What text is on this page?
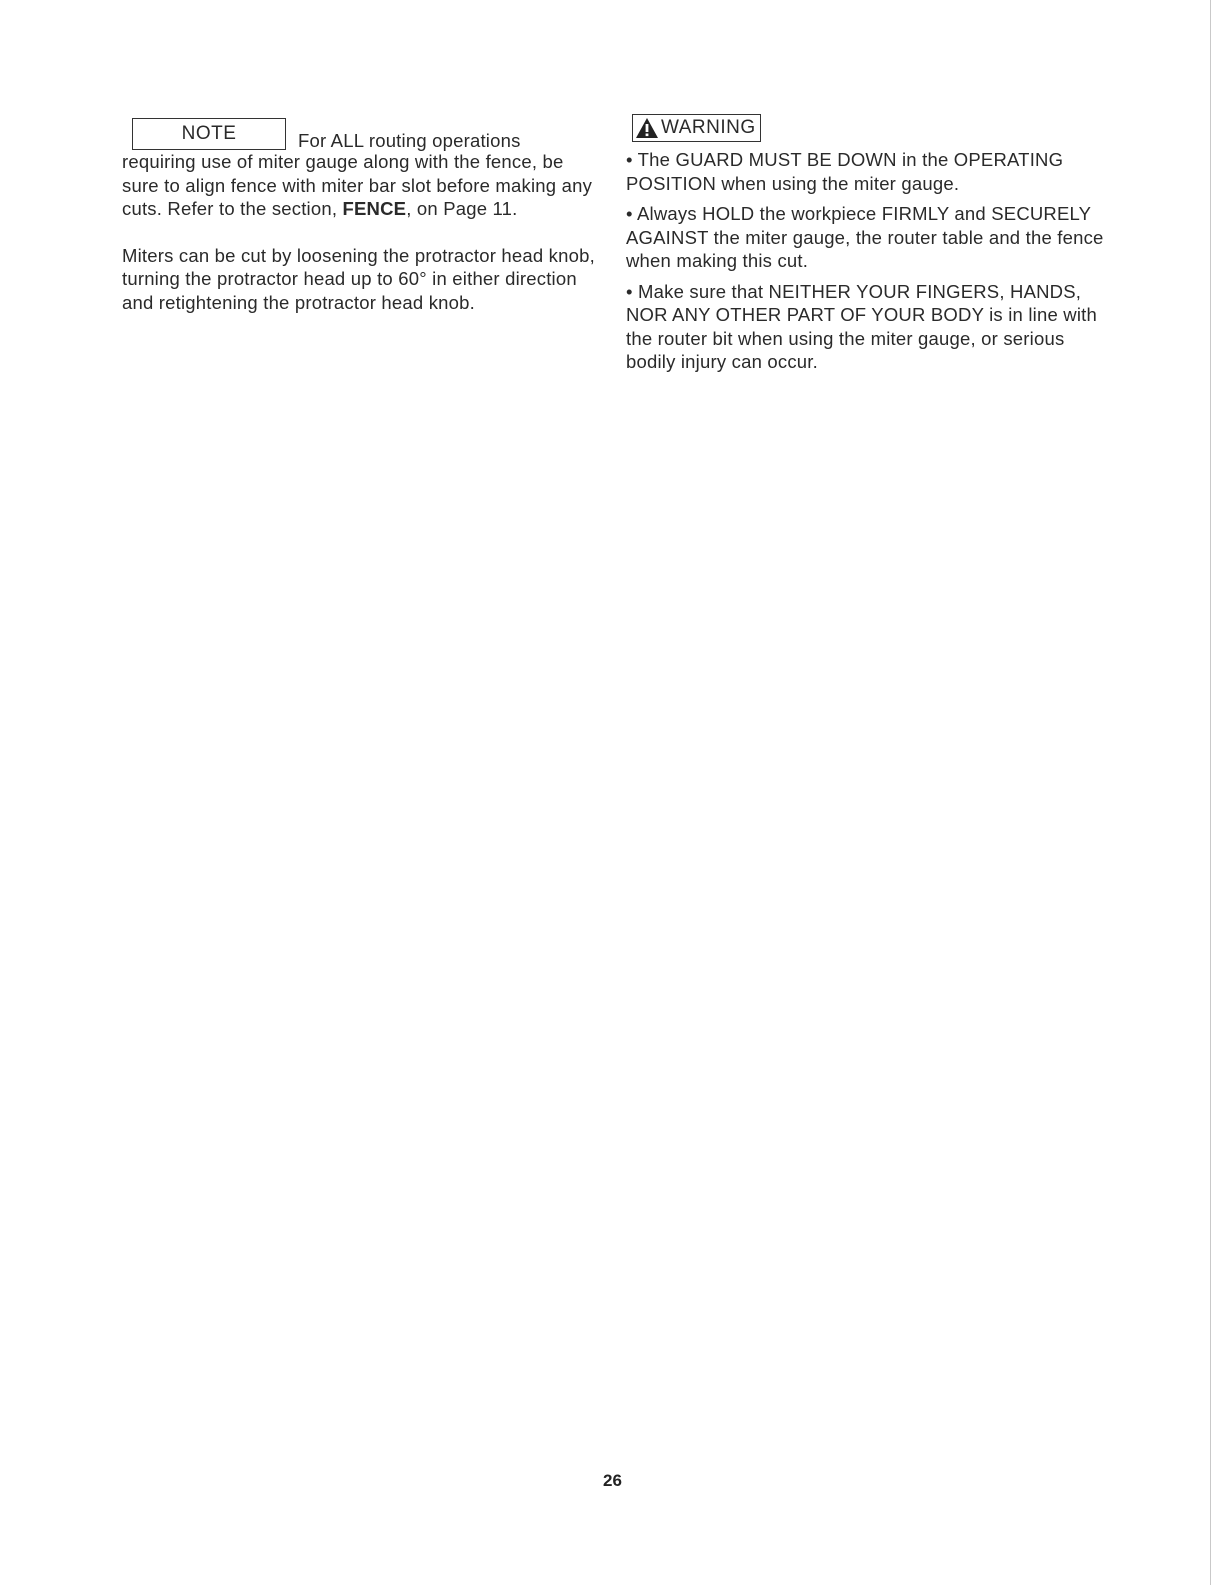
NOTE	For ALL routing operations

requiring use of miter gauge along with the fence, be sure to align fence with miter bar slot before making any cuts. Refer to the section, FENCE, on Page 11.

Miters can be cut by loosening the protractor head knob, turning the protractor head up to 60° in either direction and retightening the protractor head knob.

WARNING

• The GUARD MUST BE DOWN in the OPERATING POSITION when using the miter gauge.

• Always HOLD the workpiece FIRMLY and SECURELY AGAINST the miter gauge, the router table and the fence when making this cut.

• Make sure that NEITHER YOUR FINGERS, HANDS, NOR ANY OTHER PART OF YOUR BODY is in line with the router bit when using the miter gauge, or serious bodily injury can occur.

26
